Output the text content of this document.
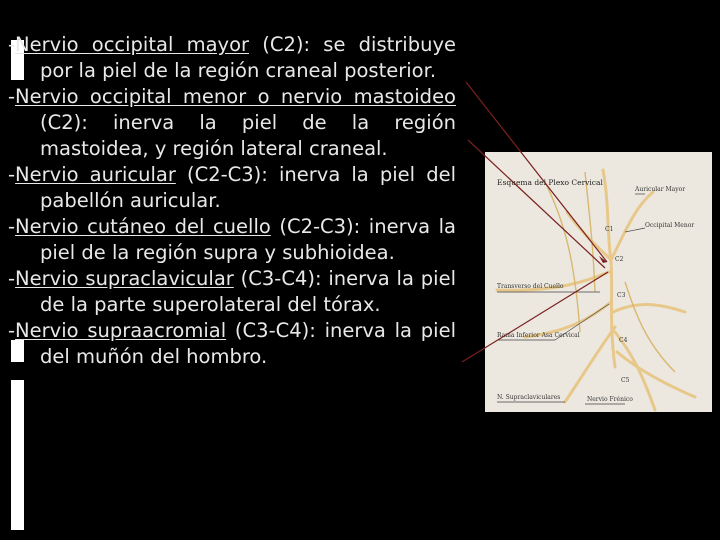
-Nervio occipital mayor (C2): se distribuye por la piel de la región craneal posterior.

-Nervio occipital menor o nervio mastoideo (C2): inerva la piel de la región mastoidea, y región lateral craneal.

-Nervio auricular (C2-C3): inerva la piel del pabellón auricular.

-Nervio cutáneo del cuello (C2-C3): inerva la piel de la región supra y subhioidea.

-Nervio supraclavicular (C3-C4): inerva la piel de la parte superolateral del tórax.

-Nervio supraacromial (C3-C4): inerva la piel del muñón del hombro.

Esquema del Plexo Cervical
Auricular Mayor
Occipital Menor
Transverso del Cuello
Rama Inferior Asa Cervical
N. Supraclaviculares	Nervio Frénico
C1
C2
C3
C4
C5
